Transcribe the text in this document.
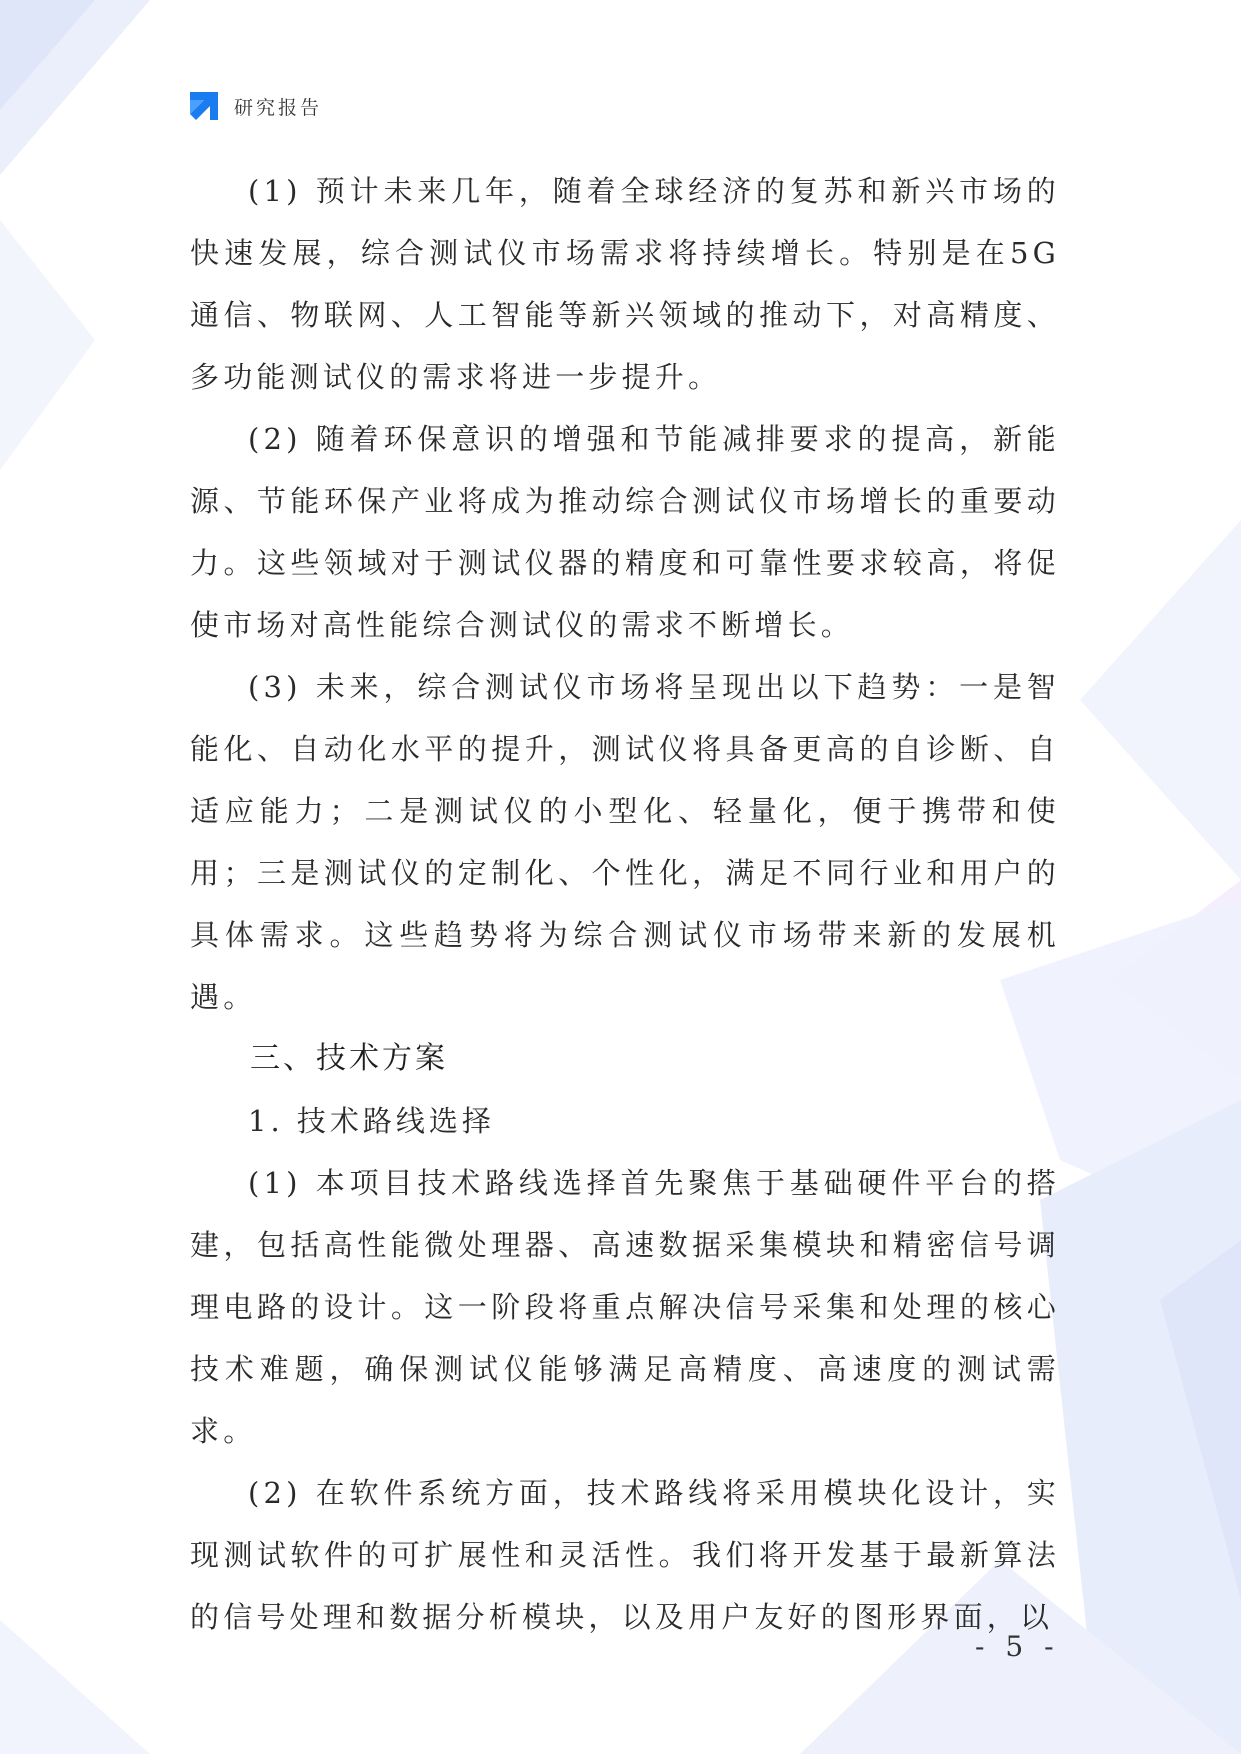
研究报告

(1) 预计未来几年，随着全球经济的复苏和新兴市场的快速发展，综合测试仪市场需求将持续增长。特别是在5G通信、物联网、人工智能等新兴领域的推动下，对高精度、多功能测试仪的需求将进一步提升。

(2) 随着环保意识的增强和节能减排要求的提高，新能源、节能环保产业将成为推动综合测试仪市场增长的重要动力。这些领域对于测试仪器的精度和可靠性要求较高，将促使市场对高性能综合测试仪的需求不断增长。

(3) 未来，综合测试仪市场将呈现出以下趋势：一是智能化、自动化水平的提升，测试仪将具备更高的自诊断、自适应能力；二是测试仪的小型化、轻量化，便于携带和使用；三是测试仪的定制化、个性化，满足不同行业和用户的具体需求。这些趋势将为综合测试仪市场带来新的发展机遇。

三、技术方案

1. 技术路线选择

(1) 本项目技术路线选择首先聚焦于基础硬件平台的搭建，包括高性能微处理器、高速数据采集模块和精密信号调理电路的设计。这一阶段将重点解决信号采集和处理的核心技术难题，确保测试仪能够满足高精度、高速度的测试需求。

(2) 在软件系统方面，技术路线将采用模块化设计，实现测试软件的可扩展性和灵活性。我们将开发基于最新算法的信号处理和数据分析模块，以及用户友好的图形界面，以

- 5 -
